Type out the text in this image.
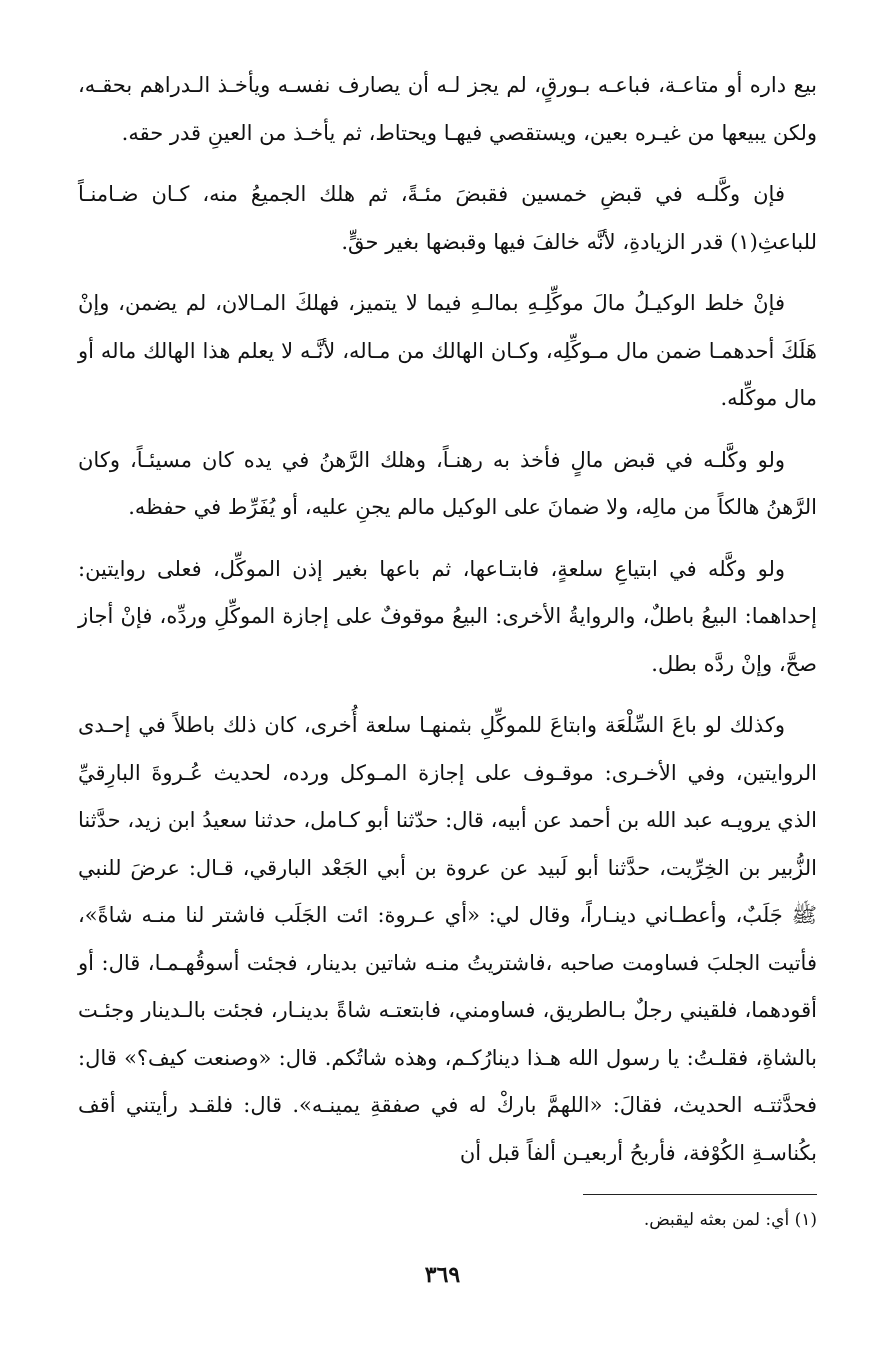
بيع داره أو متاعـة، فباعـه بـورقٍ، لم يجز لـه أن يصارف نفسـه ويأخـذ الـدراهم بحقـه، ولكن يبيعها من غيـره بعين، ويستقصي فيهـا ويحتاط، ثم يأخـذ من العينِ قدر حقه.

فإن وكَّلـه في قبضِ خمسين فقبضَ مئـةً، ثم هلك الجميعُ منه، كـان ضـامنـاً للباعثِ(١) قدر الزيادةِ، لأنَّه خالفَ فيها وقبضها بغير حقٍّ.

فإنْ خلط الوكيـلُ مالَ موكِّلِـهِ بمالـهِ فيما لا يتميز، فهلكَ المـالان، لم يضمن، وإنْ هَلَكَ أحدهمـا ضمن مال مـوكِّلِه، وكـان الهالك من مـاله، لأنَّـه لا يعلم هذا الهالك ماله أو مال موكِّله.

ولو وكَّلـه في قبض مالٍ فأخذ به رهنـاً، وهلك الرَّهنُ في يده كان مسيئـاً، وكان الرَّهنُ هالكاً من مالِه، ولا ضمانَ على الوكيل مالم يجنِ عليه، أو يُفَرِّط في حفظه.

ولو وكَّله في ابتياعِ سلعةٍ، فابتـاعها، ثم باعها بغير إذن الموكِّل، فعلى روايتين: إحداهما: البيعُ باطلٌ، والروايةُ الأخرى: البيعُ موقوفٌ على إجازة الموكِّلِ وردِّه، فإنْ أجاز صحَّ، وإنْ ردَّه بطل.

وكذلك لو باعَ السِّلْعَة وابتاعَ للموكِّلِ بثمنهـا سلعة أُخرى، كان ذلك باطلاً في إحـدى الروايتين، وفي الأخـرى: موقـوف على إجازة المـوكل ورده، لحديث عُـروةَ البارِقيِّ الذي يرويـه عبد الله بن أحمد عن أبيه، قال: حدّثنا أبو كـامل، حدثنا سعيدُ ابن زيد، حدَّثنا الزُّبير بن الخِرِّيت، حدَّثنا أبو لَبيد عن عروة بن أبي الجَعْد البارقي، قـال: عرضَ للنبي ﷺ جَلَبٌ، وأعطـاني دينـاراً، وقال لي: «أي عـروة: ائت الجَلَب فاشتر لنا منـه شاةً»، فأتيت الجلبَ فساومت صاحبه ،فاشتريتُ منـه شاتين بدينار، فجئت أسوقُهـمـا، قال: أو أقودهما، فلقيني رجلٌ بـالطريق، فساومني، فابتعتـه شاةً بدينـار، فجئت بالـدينار وجئـت بالشاةِ، فقلـتُ: يا رسول الله هـذا دينارُكـم، وهذه شاتُكم. قال: «وصنعت كيف؟» قال: فحدَّثتـه الحديث، فقالَ: «اللهمَّ باركْ له في صفقةِ يمينـه». قال: فلقـد رأيتني أقف بكُناسـةِ الكُوْفة، فأربحُ أربعيـن ألفاً قبل أن

(١) أي: لمن بعثه ليقبض.
٣٦٩
